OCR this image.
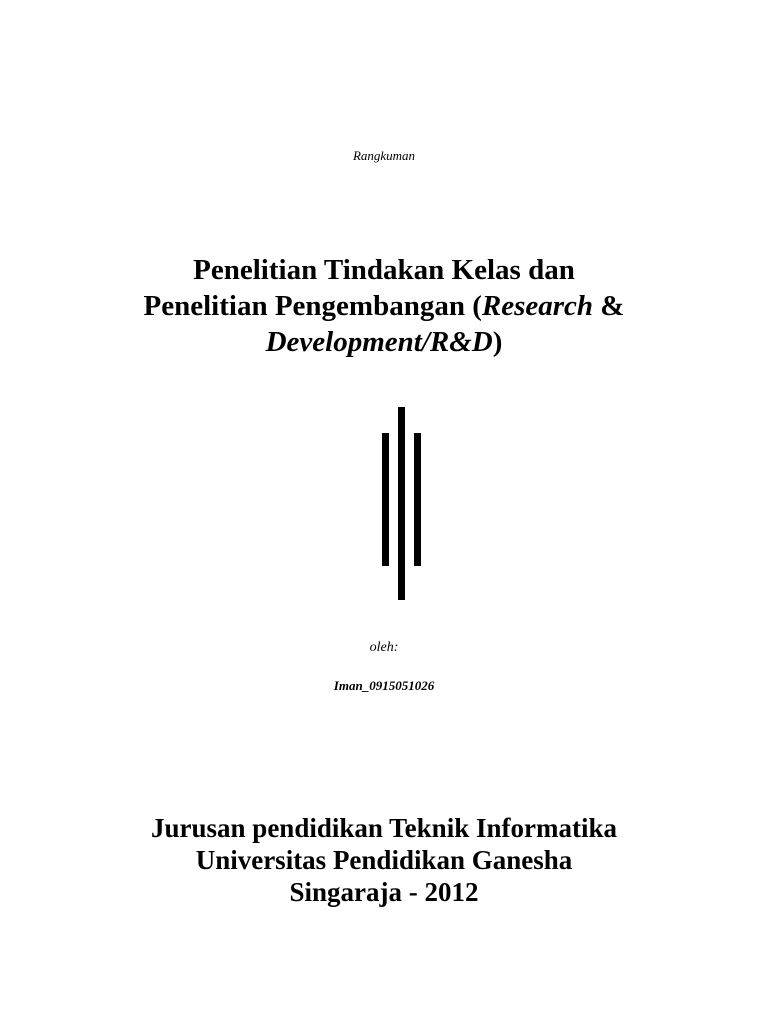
Rangkuman
Penelitian Tindakan Kelas dan
Penelitian Pengembangan (Research &
Development/R&D)
oleh:
Iman_0915051026
Jurusan pendidikan Teknik Informatika
Universitas Pendidikan Ganesha
Singaraja - 2012
